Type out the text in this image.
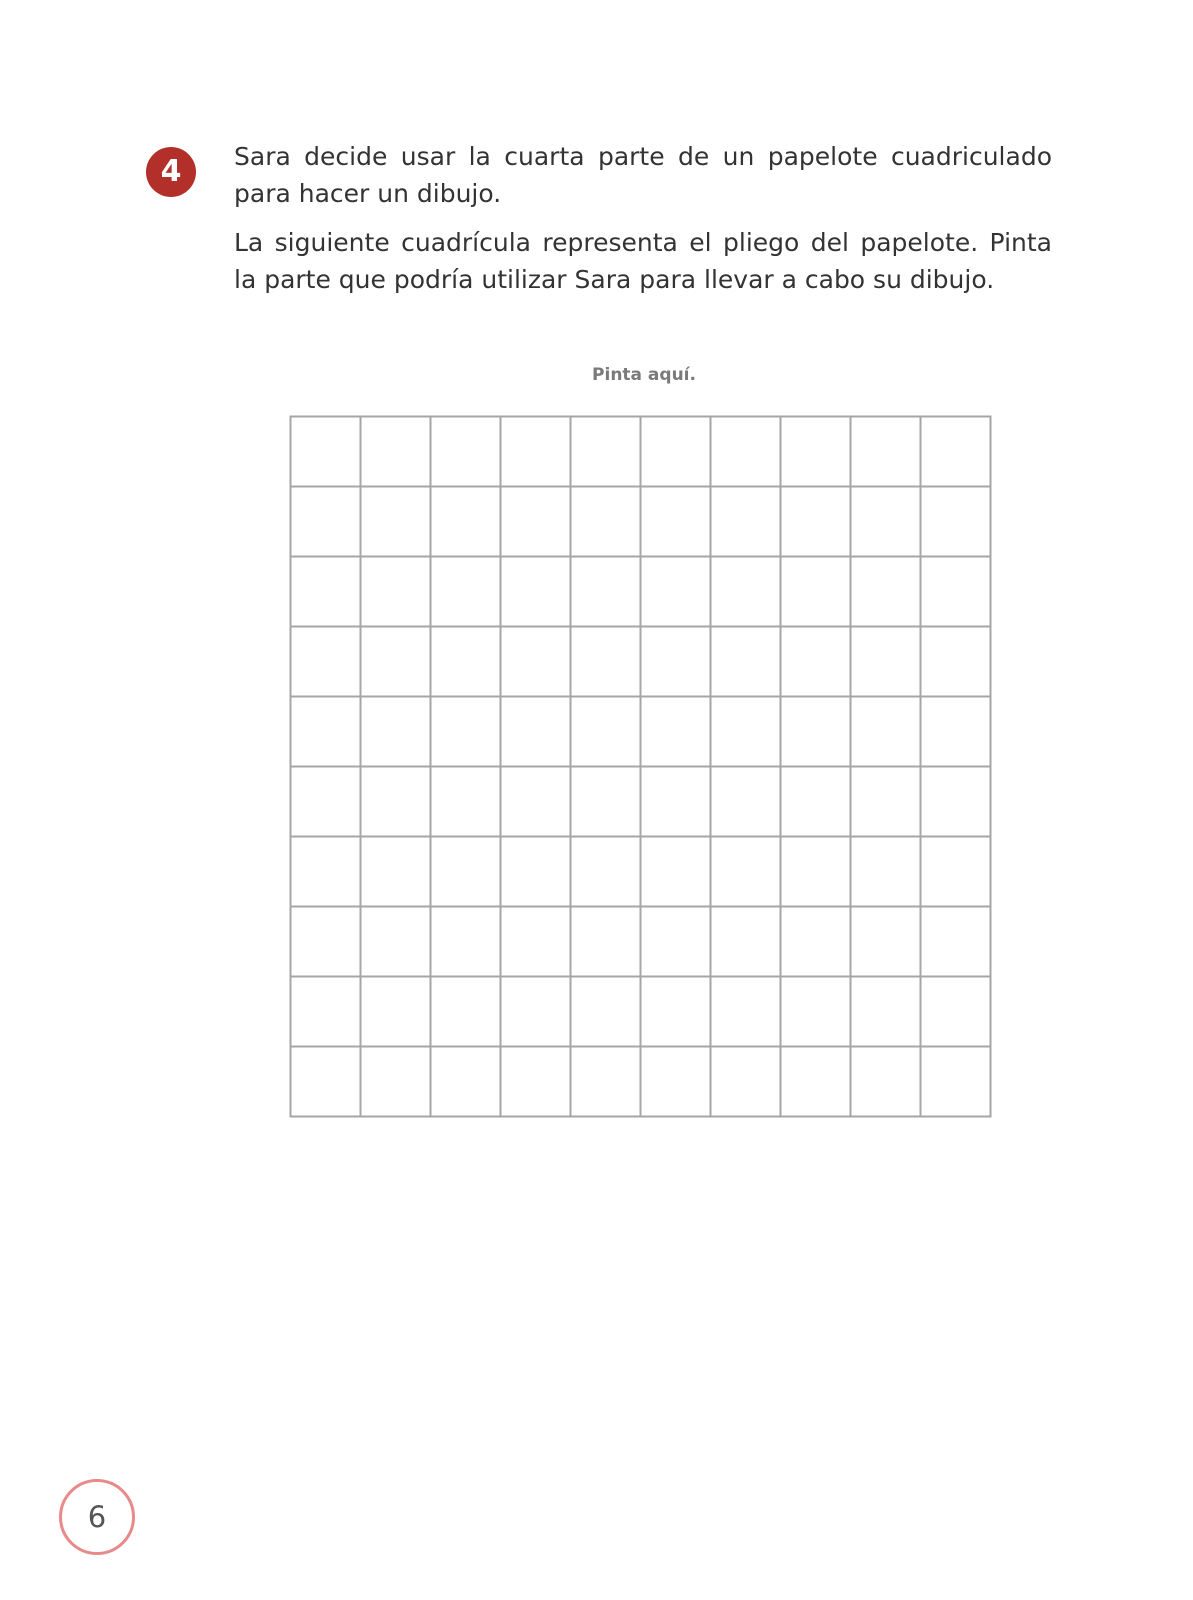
4	Sara decide usar la cuarta parte de un papelote cuadriculado para hacer un dibujo.

La siguiente cuadrícula representa el pliego del papelote. Pinta la parte que podría utilizar Sara para llevar a cabo su dibujo.

Pinta aquí.
6
